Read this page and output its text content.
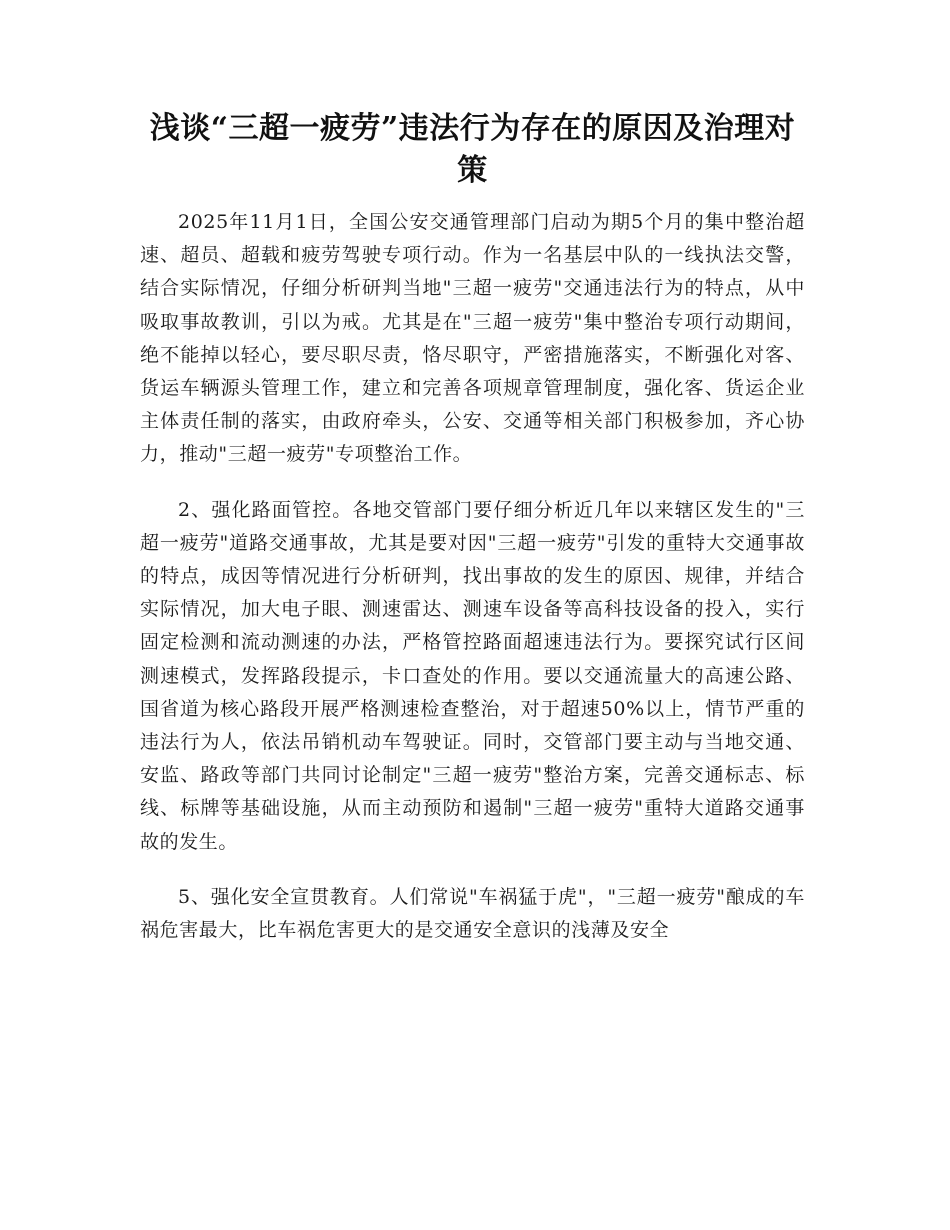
浅谈“三超一疲劳”违法行为存在的原因及治理对策

2025年11月1日，全国公安交通管理部门启动为期5个月的集中整治超速、超员、超载和疲劳驾驶专项行动。作为一名基层中队的一线执法交警，结合实际情况，仔细分析研判当地"三超一疲劳"交通违法行为的特点，从中吸取事故教训，引以为戒。尤其是在"三超一疲劳"集中整治专项行动期间，绝不能掉以轻心，要尽职尽责，恪尽职守，严密措施落实，不断强化对客、货运车辆源头管理工作，建立和完善各项规章管理制度，强化客、货运企业主体责任制的落实，由政府牵头，公安、交通等相关部门积极参加，齐心协力，推动"三超一疲劳"专项整治工作。

2、强化路面管控。各地交管部门要仔细分析近几年以来辖区发生的"三超一疲劳"道路交通事故，尤其是要对因"三超一疲劳"引发的重特大交通事故的特点，成因等情况进行分析研判，找出事故的发生的原因、规律，并结合实际情况，加大电子眼、测速雷达、测速车设备等高科技设备的投入，实行固定检测和流动测速的办法，严格管控路面超速违法行为。要探究试行区间测速模式，发挥路段提示，卡口查处的作用。要以交通流量大的高速公路、国省道为核心路段开展严格测速检查整治，对于超速50%以上，情节严重的违法行为人，依法吊销机动车驾驶证。同时，交管部门要主动与当地交通、安监、路政等部门共同讨论制定"三超一疲劳"整治方案，完善交通标志、标线、标牌等基础设施，从而主动预防和遏制"三超一疲劳"重特大道路交通事故的发生。

5、强化安全宣贯教育。人们常说"车祸猛于虎"，"三超一疲劳"酿成的车祸危害最大，比车祸危害更大的是交通安全意识的浅薄及安全
